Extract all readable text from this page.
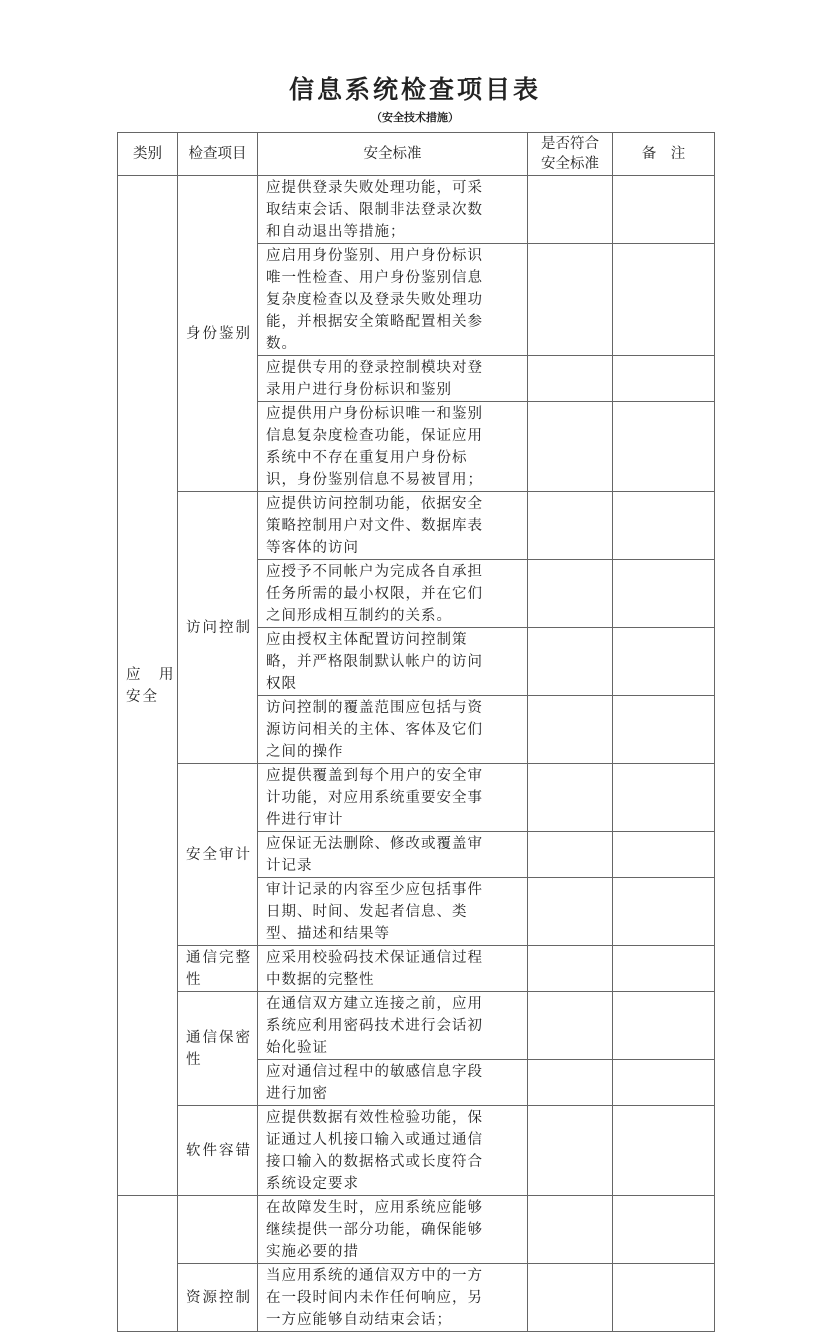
信息系统检查项目表
（安全技术措施）
类别	检查项目	安全标准	是否符合安全标准	备　注
应　用安全	身份鉴别	应提供登录失败处理功能，可采取结束会话、限制非法登录次数和自动退出等措施；		
		应启用身份鉴别、用户身份标识唯一性检查、用户身份鉴别信息复杂度检查以及登录失败处理功能，并根据安全策略配置相关参数。		
		应提供专用的登录控制模块对登录用户进行身份标识和鉴别		
		应提供用户身份标识唯一和鉴别信息复杂度检查功能，保证应用系统中不存在重复用户身份标识，身份鉴别信息不易被冒用；		
	访问控制	应提供访问控制功能，依据安全策略控制用户对文件、数据库表等客体的访问		
		应授予不同帐户为完成各自承担任务所需的最小权限，并在它们之间形成相互制约的关系。		
		应由授权主体配置访问控制策略，并严格限制默认帐户的访问权限		
		访问控制的覆盖范围应包括与资源访问相关的主体、客体及它们之间的操作		
	安全审计	应提供覆盖到每个用户的安全审计功能，对应用系统重要安全事件进行审计		
		应保证无法删除、修改或覆盖审计记录		
		审计记录的内容至少应包括事件日期、时间、发起者信息、类型、描述和结果等		
	通信完整性	应采用校验码技术保证通信过程中数据的完整性		
	通信保密性	在通信双方建立连接之前，应用系统应利用密码技术进行会话初始化验证		
		应对通信过程中的敏感信息字段进行加密		
	软件容错	应提供数据有效性检验功能，保证通过人机接口输入或通过通信接口输入的数据格式或长度符合系统设定要求		
		在故障发生时，应用系统应能够继续提供一部分功能，确保能够实施必要的措		
	资源控制	当应用系统的通信双方中的一方在一段时间内未作任何响应，另一方应能够自动结束会话；		
